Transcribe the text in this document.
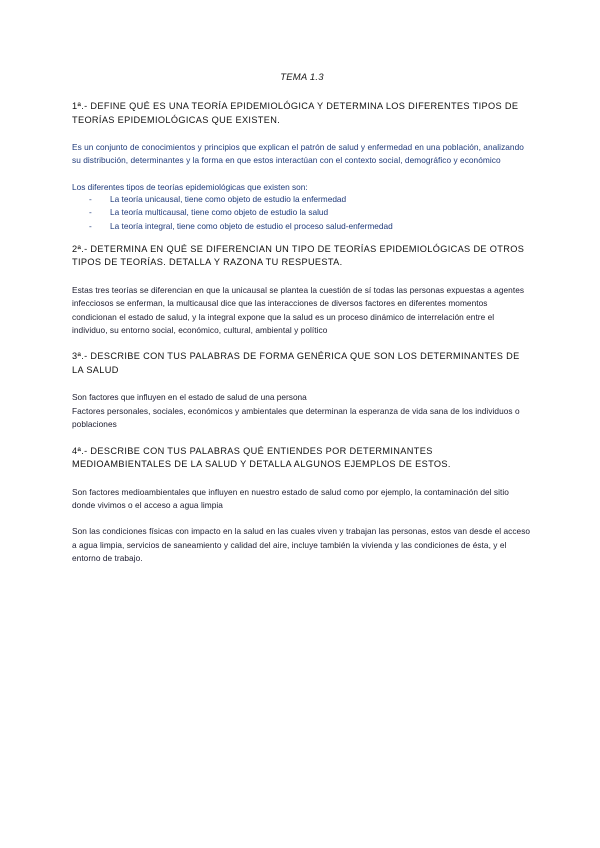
TEMA 1.3
1ª.- DEFINE QUÉ ES UNA TEORÍA EPIDEMIOLÓGICA Y DETERMINA LOS DIFERENTES TIPOS DE TEORÍAS EPIDEMIOLÓGICAS QUE EXISTEN.
Es un conjunto de conocimientos y principios que explican el patrón de salud y enfermedad en una población, analizando su distribución, determinantes y la forma en que estos interactúan con el contexto social, demográfico y económico
Los diferentes tipos de teorías epidemiológicas que existen son:
- La teoría unicausal, tiene como objeto de estudio la enfermedad
- La teoría multicausal, tiene como objeto de estudio la salud
- La teoría integral, tiene como objeto de estudio el proceso salud-enfermedad
2ª.- DETERMINA EN QUÉ SE DIFERENCIAN UN TIPO DE TEORÍAS EPIDEMIOLÓGICAS DE OTROS TIPOS DE TEORÍAS. DETALLA Y RAZONA TU RESPUESTA.
Estas tres teorías se diferencian en que la unicausal se plantea la cuestión de sí todas las personas expuestas a agentes infecciosos se enferman, la multicausal dice que las interacciones de diversos factores en diferentes momentos condicionan el estado de salud, y la integral expone que la salud es un proceso dinámico de interrelación entre el individuo, su entorno social, económico, cultural, ambiental y político
3ª.- DESCRIBE CON TUS PALABRAS DE FORMA GENÉRICA QUE SON LOS DETERMINANTES DE LA SALUD
Son factores que influyen en el estado de salud de una persona
Factores personales, sociales, económicos y ambientales que determinan la esperanza de vida sana de los individuos o poblaciones
4ª.- DESCRIBE CON TUS PALABRAS QUÉ ENTIENDES POR DETERMINANTES MEDIOAMBIENTALES DE LA SALUD Y DETALLA ALGUNOS EJEMPLOS DE ESTOS.
Son factores medioambientales que influyen en nuestro estado de salud como por ejemplo, la contaminación del sitio donde vivimos o el acceso a agua limpia
Son las condiciones físicas con impacto en la salud en las cuales viven y trabajan las personas, estos van desde el acceso a agua limpia, servicios de saneamiento y calidad del aire, incluye también la vivienda y las condiciones de ésta, y el entorno de trabajo.
